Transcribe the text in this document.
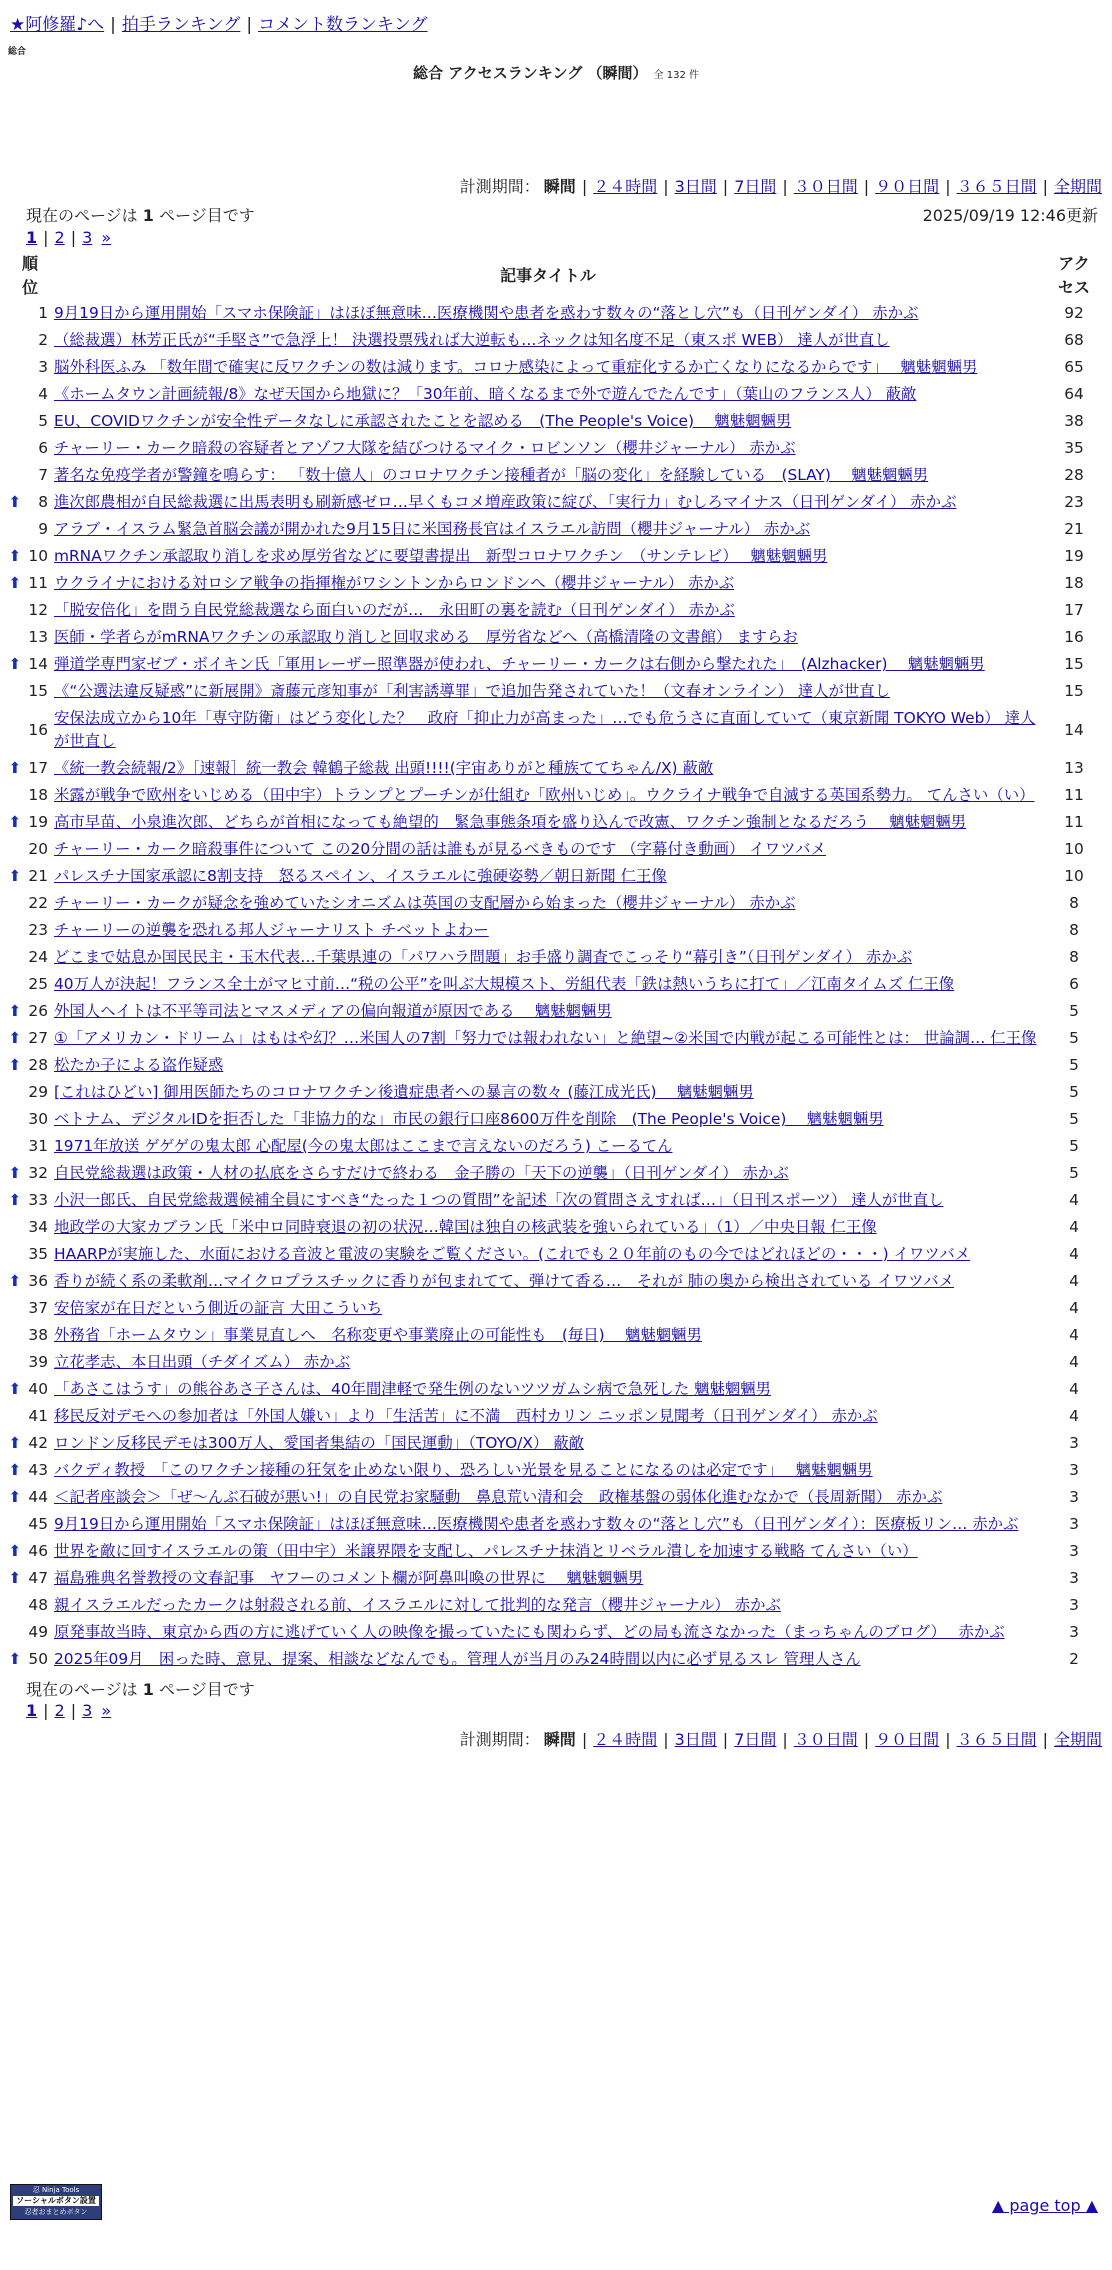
★阿修羅♪へ | 拍手ランキング | コメント数ランキング
総合
総合 アクセスランキング （瞬間） 全 132 件
計測期間： 瞬間 | ２４時間 | 3日間 | 7日間 | ３０日間 | ９０日間 | ３６５日間 | 全期間
現在のページは 1 ページ目です	2025/09/19 12:46更新
1 | 2 | 3 »
順位		記事タイトル	アクセス
	1	9月19日から運用開始「スマホ保険証」はほぼ無意味…医療機関や患者を惑わす数々の“落とし穴”も（日刊ゲンダイ） 赤かぶ	92
	2	（総裁選）林芳正氏が“手堅さ”で急浮上！ 決選投票残れば大逆転も…ネックは知名度不足（東スポ WEB） 達人が世直し	68
	3	脳外科医ふみ 「数年間で確実に反ワクチンの数は減ります。コロナ感染によって重症化するか亡くなりになるからです」　 魑魅魍魎男	65
	4	《ホームタウン計画続報/8》なぜ天国から地獄に？「30年前、暗くなるまで外で遊んでたんです」（葉山のフランス人） 蔽敵	64
	5	EU、COVIDワクチンが安全性データなしに承認されたことを認める　(The People's Voice)　 魑魅魍魎男	38
	6	チャーリー・カーク暗殺の容疑者とアゾフ大隊を結びつけるマイク・ロビンソン（櫻井ジャーナル） 赤かぶ	35
	7	著名な免疫学者が警鐘を鳴らす： 「数十億人」のコロナワクチン接種者が「脳の変化」を経験している　(SLAY)　 魑魅魍魎男	28
⬆	8	進次郎農相が自民総裁選に出馬表明も刷新感ゼロ…早くもコメ増産政策に綻び、「実行力」むしろマイナス（日刊ゲンダイ） 赤かぶ	23
	9	アラブ・イスラム緊急首脳会議が開かれた9月15日に米国務長官はイスラエル訪問（櫻井ジャーナル） 赤かぶ	21
⬆	10	mRNAワクチン承認取り消しを求め厚労省などに要望書提出　新型コロナワクチン　（サンテレビ）　 魑魅魍魎男	19
⬆	11	ウクライナにおける対ロシア戦争の指揮権がワシントンからロンドンへ（櫻井ジャーナル） 赤かぶ	18
	12	「脱安倍化」を問う自民党総裁選なら面白いのだが…　永田町の裏を読む（日刊ゲンダイ） 赤かぶ	17
	13	医師・学者らがmRNAワクチンの承認取り消しと回収求める　厚労省などへ（高橋清隆の文書館） ますらお	16
⬆	14	弾道学専門家ゼブ・ボイキン氏「軍用レーザー照準器が使われ、チャーリー・カークは右側から撃たれた」　(Alzhacker)　 魑魅魍魎男	15
	15	《“公選法違反疑惑”に新展開》斎藤元彦知事が「利害誘導罪」で追加告発されていた！（文春オンライン） 達人が世直し	15
	16	安保法成立から10年「専守防衛」はどう変化した？　政府「抑止力が高まった」…でも危うさに直面していて（東京新聞 TOKYO Web） 達人が世直し	14
⬆	17	《統一教会続報/2》［速報］統一教会 韓鶴子総裁 出頭!!!!(宇宙ありがと種族ててちゃん/X) 蔽敵	13
	18	米露が戦争で欧州をいじめる（田中宇）トランプとプーチンが仕組む「欧州いじめ」。ウクライナ戦争で自滅する英国系勢力。 てんさい（い）	11
⬆	19	高市早苗、小泉進次郎、どちらが首相になっても絶望的　緊急事態条項を盛り込んで改憲、ワクチン強制となるだろう　 魑魅魍魎男	11
	20	チャーリー・カーク暗殺事件について この20分間の話は誰もが見るべきものです （字幕付き動画） イワツバメ	10
⬆	21	パレスチナ国家承認に8割支持　怒るスペイン、イスラエルに強硬姿勢／朝日新聞 仁王像	10
	22	チャーリー・カークが疑念を強めていたシオニズムは英国の支配層から始まった（櫻井ジャーナル） 赤かぶ	8
	23	チャーリーの逆襲を恐れる邦人ジャーナリスト チベットよわー	8
	24	どこまで姑息か国民民主・玉木代表…千葉県連の「パワハラ問題」お手盛り調査でこっそり“幕引き”（日刊ゲンダイ） 赤かぶ	8
	25	40万人が決起！フランス全土がマヒ寸前…“税の公平”を叫ぶ大規模スト、労組代表「鉄は熱いうちに打て」／江南タイムズ 仁王像	6
⬆	26	外国人ヘイトは不平等司法とマスメディアの偏向報道が原因である　 魑魅魍魎男	5
⬆	27	①「アメリカン・ドリーム」はもはや幻？…米国人の7割「努力では報われない」と絶望~②米国で内戦が起こる可能性とは： 世論調… 仁王像	5
⬆	28	松たか子による盗作疑惑	5
	29	[これはひどい] 御用医師たちのコロナワクチン後遺症患者への暴言の数々 (藤江成光氏)　 魑魅魍魎男	5
	30	ベトナム、デジタルIDを拒否した「非協力的な」市民の銀行口座8600万件を削除　(The People's Voice)　 魑魅魍魎男	5
	31	1971年放送 ゲゲゲの鬼太郎 心配屋(今の鬼太郎はここまで言えないのだろう) こーるてん	5
⬆	32	自民党総裁選は政策・人材の払底をさらすだけで終わる　金子勝の「天下の逆襲」（日刊ゲンダイ） 赤かぶ	5
⬆	33	小沢一郎氏、自民党総裁選候補全員にすべき“たった１つの質問”を記述「次の質問さえすれば…」（日刊スポーツ） 達人が世直し	4
	34	地政学の大家カブラン氏「米中ロ同時衰退の初の状況…韓国は独自の核武装を強いられている」（1）／中央日報 仁王像	4
	35	HAARPが実施した、水面における音波と電波の実験をご覧ください。(これでも２０年前のもの今ではどれほどの・・・) イワツバメ	4
⬆	36	香りが続く系の柔軟剤…マイクロプラスチックに香りが包まれてて、弾けて香る…　それが 肺の奥から検出されている イワツバメ	4
	37	安倍家が在日だという側近の証言 大田こういち	4
	38	外務省「ホームタウン」事業見直しへ　名称変更や事業廃止の可能性も　(毎日)　 魑魅魍魎男	4
	39	立花孝志、本日出頭（チダイズム） 赤かぶ	4
⬆	40	「あさこはうす」の熊谷あさ子さんは、40年間津軽で発生例のないツツガムシ病で急死した 魑魅魍魎男	4
	41	移民反対デモへの参加者は「外国人嫌い」より「生活苦」に不満　西村カリン ニッポン見聞考（日刊ゲンダイ） 赤かぶ	4
⬆	42	ロンドン反移民デモは300万人、愛国者集結の「国民運動」（TOYO/X） 蔽敵	3
⬆	43	バクディ教授　「このワクチン接種の狂気を止めない限り、恐ろしい光景を見ることになるのは必定です」　 魑魅魍魎男	3
⬆	44	＜記者座談会＞「ぜ～んぶ石破が悪い!」の自民党お家騒動　鼻息荒い清和会　政権基盤の弱体化進むなかで（長周新聞） 赤かぶ	3
	45	9月19日から運用開始「スマホ保険証」はほぼ無意味…医療機関や患者を惑わす数々の“落とし穴”も（日刊ゲンダイ）：医療板リン… 赤かぶ	3
⬆	46	世界を敵に回すイスラエルの策（田中宇）米譲界隈を支配し、パレスチナ抹消とリベラル潰しを加速する戦略 てんさい（い）	3
⬆	47	福島雅典名誉教授の文春記事　ヤフーのコメント欄が阿鼻叫喚の世界に　 魑魅魍魎男	3
	48	親イスラエルだったカークは射殺される前、イスラエルに対して批判的な発言（櫻井ジャーナル） 赤かぶ	3
	49	原発事故当時、東京から西の方に逃げていく人の映像を撮っていたにも関わらず、どの局も流さなかった（まっちゃんのブログ）　 赤かぶ	3
⬆	50	2025年09月　困った時、意見、提案、相談などなんでも。管理人が当月のみ24時間以内に必ず見るスレ 管理人さん	2
現在のページは 1 ページ目です
1 | 2 | 3 »
計測期間： 瞬間 | ２４時間 | 3日間 | 7日間 | ３０日間 | ９０日間 | ３６５日間 | 全期間
忍 Ninja Tools
ソーシャルボタン設置
忍者おまとめボタン	▲ page top ▲
